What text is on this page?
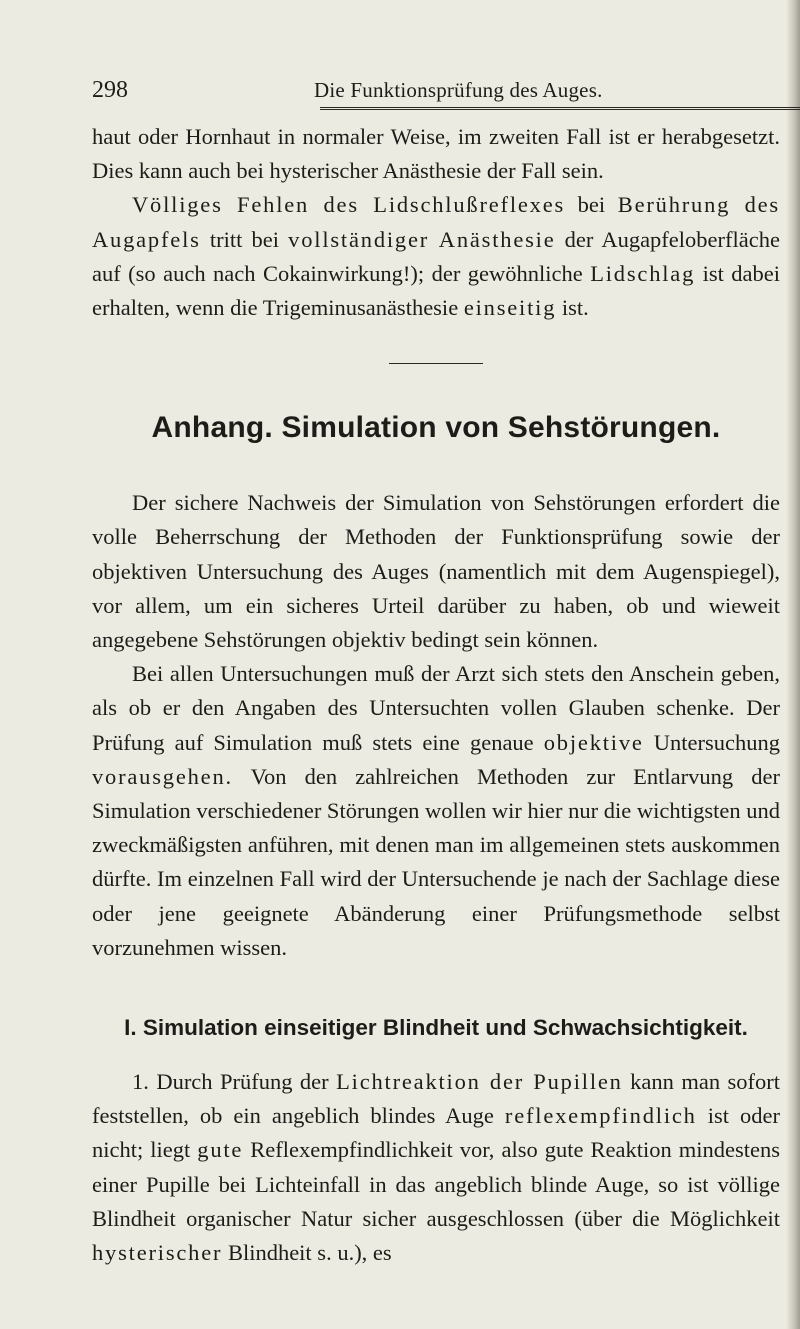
298	Die Funktionsprüfung des Auges.

haut oder Hornhaut in normaler Weise, im zweiten Fall ist er herabgesetzt. Dies kann auch bei hysterischer Anästhesie der Fall sein.

Völliges Fehlen des Lidschlußreflexes bei Berührung des Augapfels tritt bei vollständiger Anästhesie der Augapfeloberfläche auf (so auch nach Cokainwirkung!); der gewöhnliche Lidschlag ist dabei erhalten, wenn die Trigeminusanästhesie einseitig ist.

Anhang. Simulation von Sehstörungen.

Der sichere Nachweis der Simulation von Sehstörungen erfordert die volle Beherrschung der Methoden der Funktionsprüfung sowie der objektiven Untersuchung des Auges (namentlich mit dem Augenspiegel), vor allem, um ein sicheres Urteil darüber zu haben, ob und wieweit angegebene Sehstörungen objektiv bedingt sein können.

Bei allen Untersuchungen muß der Arzt sich stets den Anschein geben, als ob er den Angaben des Untersuchten vollen Glauben schenke. Der Prüfung auf Simulation muß stets eine genaue objektive Untersuchung vorausgehen. Von den zahlreichen Methoden zur Entlarvung der Simulation verschiedener Störungen wollen wir hier nur die wichtigsten und zweckmäßigsten anführen, mit denen man im allgemeinen stets auskommen dürfte. Im einzelnen Fall wird der Untersuchende je nach der Sachlage diese oder jene geeignete Abänderung einer Prüfungsmethode selbst vorzunehmen wissen.

I. Simulation einseitiger Blindheit und Schwachsichtigkeit.

1. Durch Prüfung der Lichtreaktion der Pupillen kann man sofort feststellen, ob ein angeblich blindes Auge reflexempfindlich ist oder nicht; liegt gute Reflexempfindlichkeit vor, also gute Reaktion mindestens einer Pupille bei Lichteinfall in das angeblich blinde Auge, so ist völlige Blindheit organischer Natur sicher ausgeschlossen (über die Möglichkeit hysterischer Blindheit s. u.), es
